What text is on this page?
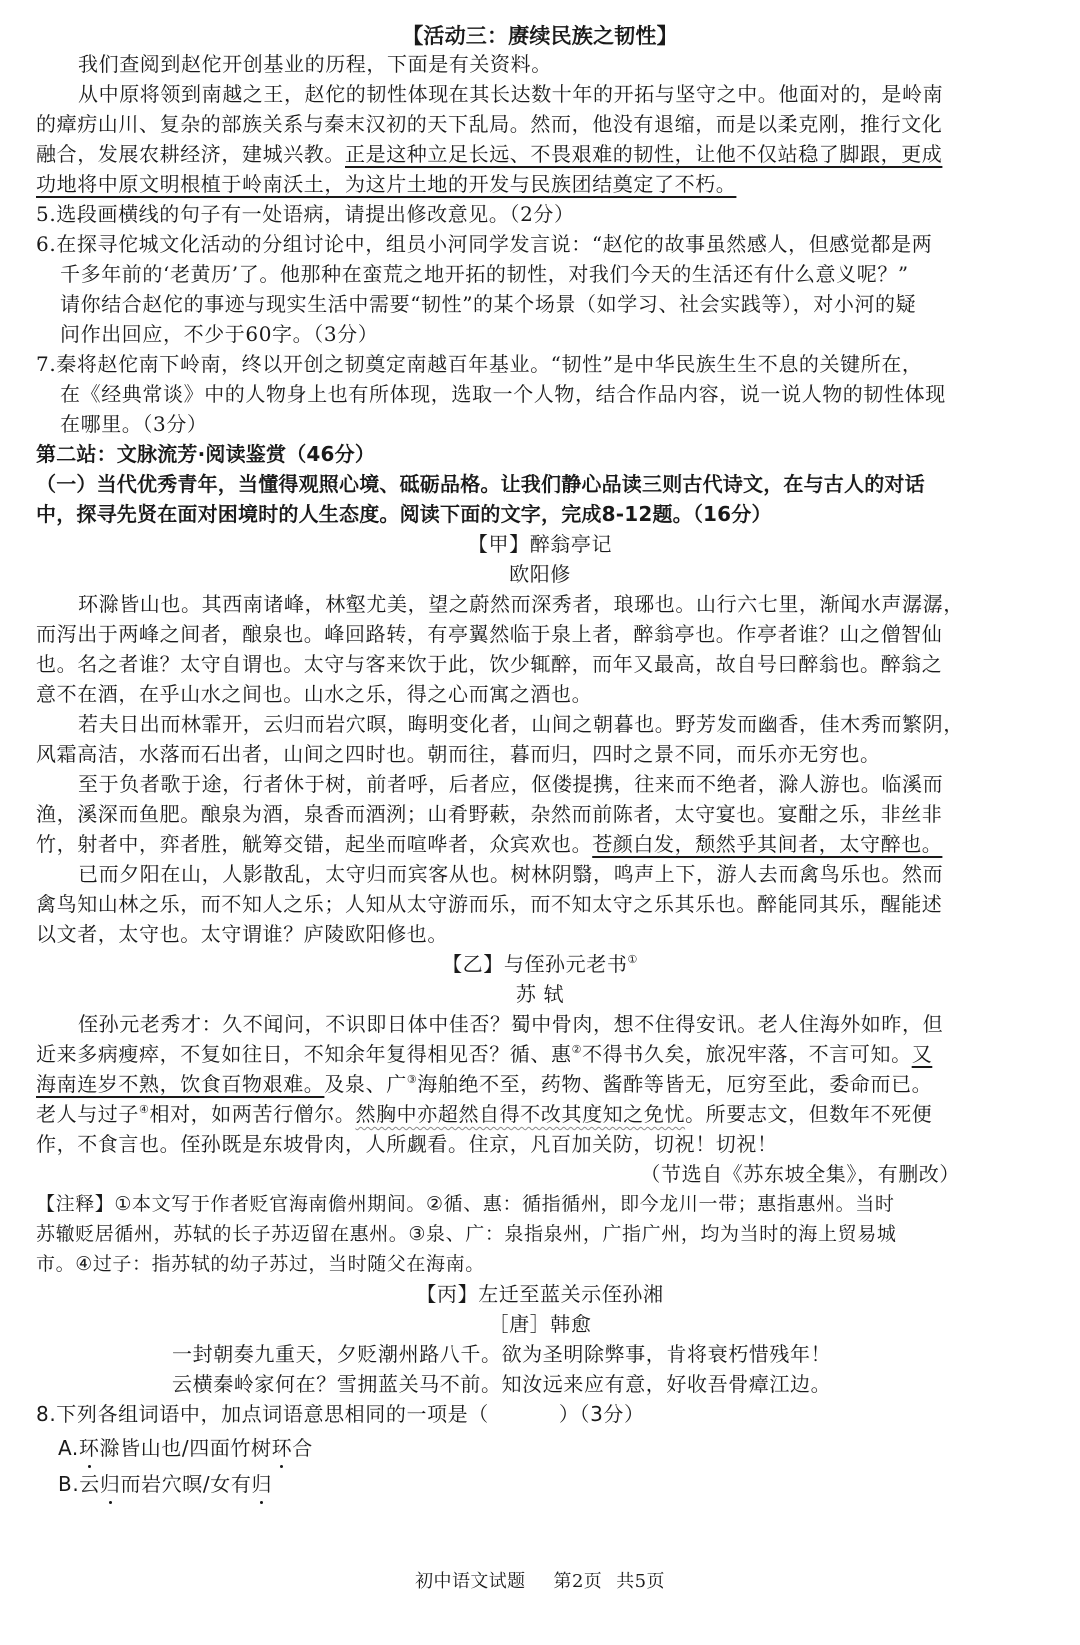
【活动三：赓续民族之韧性】
我们查阅到赵佗开创基业的历程，下面是有关资料。
从中原将领到南越之王，赵佗的韧性体现在其长达数十年的开拓与坚守之中。他面对的，是岭南
的瘴疠山川、复杂的部族关系与秦末汉初的天下乱局。然而，他没有退缩，而是以柔克刚，推行文化
融合，发展农耕经济，建城兴教。正是这种立足长远、不畏艰难的韧性，让他不仅站稳了脚跟，更成
功地将中原文明根植于岭南沃土，为这片土地的开发与民族团结奠定了不朽。
5.选段画横线的句子有一处语病，请提出修改意见。（2分）
6.在探寻佗城文化活动的分组讨论中，组员小河同学发言说：“赵佗的故事虽然感人，但感觉都是两
千多年前的‘老黄历’了。他那种在蛮荒之地开拓的韧性，对我们今天的生活还有什么意义呢？”
请你结合赵佗的事迹与现实生活中需要“韧性”的某个场景（如学习、社会实践等），对小河的疑
问作出回应，不少于60字。（3分）
7.秦将赵佗南下岭南，终以开创之韧奠定南越百年基业。“韧性”是中华民族生生不息的关键所在，
在《经典常谈》中的人物身上也有所体现，选取一个人物，结合作品内容，说一说人物的韧性体现
在哪里。（3分）
第二站：文脉流芳·阅读鉴赏（46分）
（一）当代优秀青年，当懂得观照心境、砥砺品格。让我们静心品读三则古代诗文，在与古人的对话
中，探寻先贤在面对困境时的人生态度。阅读下面的文字，完成8-12题。（16分）
【甲】醉翁亭记
欧阳修
环滁皆山也。其西南诸峰，林壑尤美，望之蔚然而深秀者，琅琊也。山行六七里，渐闻水声潺潺，
而泻出于两峰之间者，酿泉也。峰回路转，有亭翼然临于泉上者，醉翁亭也。作亭者谁？山之僧智仙
也。名之者谁？太守自谓也。太守与客来饮于此，饮少辄醉，而年又最高，故自号曰醉翁也。醉翁之
意不在酒，在乎山水之间也。山水之乐，得之心而寓之酒也。
若夫日出而林霏开，云归而岩穴暝，晦明变化者，山间之朝暮也。野芳发而幽香，佳木秀而繁阴，
风霜高洁，水落而石出者，山间之四时也。朝而往，暮而归，四时之景不同，而乐亦无穷也。
至于负者歌于途，行者休于树，前者呼，后者应，伛偻提携，往来而不绝者，滁人游也。临溪而
渔，溪深而鱼肥。酿泉为酒，泉香而酒洌；山肴野蔌，杂然而前陈者，太守宴也。宴酣之乐，非丝非
竹，射者中，弈者胜，觥筹交错，起坐而喧哗者，众宾欢也。苍颜白发，颓然乎其间者，太守醉也。
已而夕阳在山，人影散乱，太守归而宾客从也。树林阴翳，鸣声上下，游人去而禽鸟乐也。然而
禽鸟知山林之乐，而不知人之乐；人知从太守游而乐，而不知太守之乐其乐也。醉能同其乐，醒能述
以文者，太守也。太守谓谁？庐陵欧阳修也。
【乙】与侄孙元老书①
苏 轼
侄孙元老秀才：久不闻问，不识即日体中佳否？蜀中骨肉，想不住得安讯。老人住海外如昨，但
近来多病瘦瘁，不复如往日，不知余年复得相见否？循、惠②不得书久矣，旅况牢落，不言可知。又
海南连岁不熟，饮食百物艰难。及泉、广③海舶绝不至，药物、酱酢等皆无，厄穷至此，委命而已。
老人与过子④相对，如两苦行僧尔。然胸中亦超然自得不改其度知之免忧。所要志文，但数年不死便
作，不食言也。侄孙既是东坡骨肉，人所觑看。住京，凡百加关防，切祝！切祝！
（节选自《苏东坡全集》，有删改）
【注释】①本文写于作者贬官海南儋州期间。②循、惠：循指循州，即今龙川一带；惠指惠州。当时
苏辙贬居循州，苏轼的长子苏迈留在惠州。③泉、广：泉指泉州，广指广州，均为当时的海上贸易城
市。④过子：指苏轼的幼子苏过，当时随父在海南。
【丙】左迁至蓝关示侄孙湘
［唐］韩愈
一封朝奏九重天，夕贬潮州路八千。欲为圣明除弊事，肯将衰朽惜残年！
云横秦岭家何在？雪拥蓝关马不前。知汝远来应有意，好收吾骨瘴江边。
8.下列各组词语中，加点词语意思相同的一项是（	）（3分）
A.环滁皆山也/四面竹树环合
B.云归而岩穴暝/女有归
初中语文试题 第2页 共5页
